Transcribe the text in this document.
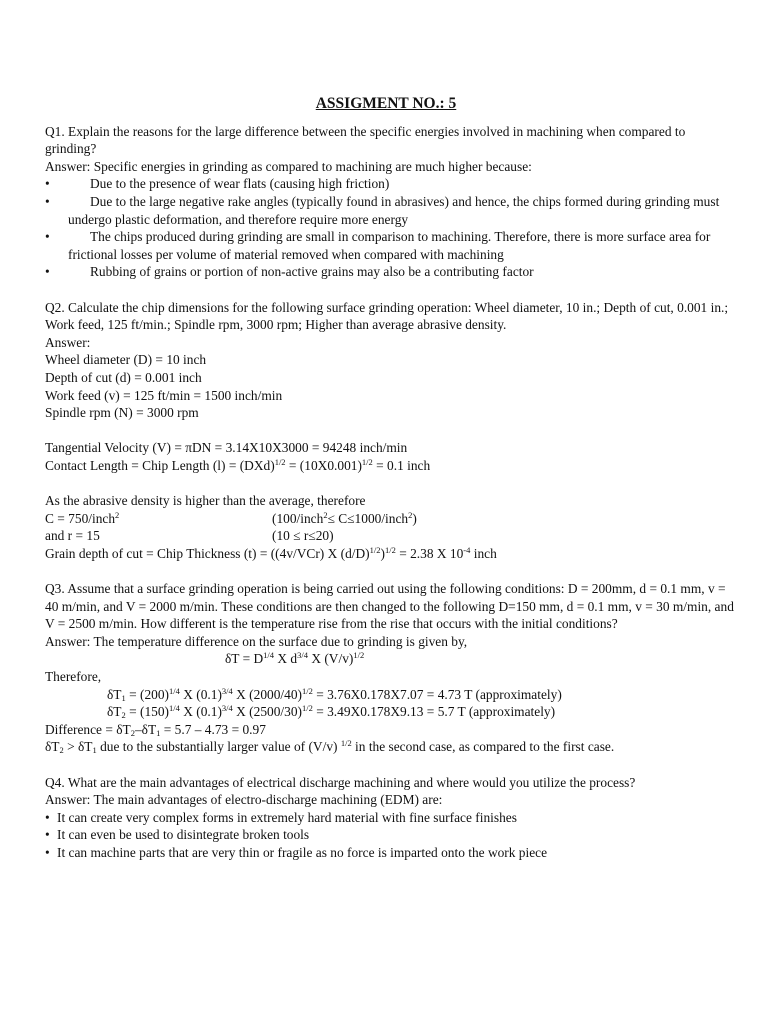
ASSIGMENT NO.: 5

Q1. Explain the reasons for the large difference between the specific energies involved in machining when compared to grinding?

Answer: Specific energies in grinding as compared to machining are much higher because:

•	Due to the presence of wear flats (causing high friction)
•	Due to the large negative rake angles (typically found in abrasives) and hence, the chips formed during grinding must undergo plastic deformation, and therefore require more energy
•	The chips produced during grinding are small in comparison to machining. Therefore, there is more surface area for frictional losses per volume of material removed when compared with machining
•	Rubbing of grains or portion of non-active grains may also be a contributing factor

Q2. Calculate the chip dimensions for the following surface grinding operation: Wheel diameter, 10 in.; Depth of cut, 0.001 in.; Work feed, 125 ft/min.; Spindle rpm, 3000 rpm; Higher than average abrasive density.

Answer:

Wheel diameter (D) = 10 inch

Depth of cut (d) = 0.001 inch

Work feed (v) = 125 ft/min = 1500 inch/min

Spindle rpm (N) = 3000 rpm

Tangential Velocity (V) = πDN = 3.14X10X3000 = 94248 inch/min

Contact Length = Chip Length $(l) = (DXd)^{1/2} = (10X0.001)^{1/2} = 0.1$ inch

As the abrasive density is higher than the average, therefore

C = 750/inch$^2$	(100/inch$^2$≤ C≤1000/inch$^2$)
and r = 15	(10 ≤ r≤20)

Grain depth of cut = Chip Thickness (t) = ((4v/VCr) X $(d/D)^{1/2})^{1/2} = 2.38$ X $10^{-4}$ inch

Q3. Assume that a surface grinding operation is being carried out using the following conditions: D = 200mm, d = 0.1 mm, v = 40 m/min, and V = 2000 m/min. These conditions are then changed to the following D=150 mm, d = 0.1 mm, v = 30 m/min, and V = 2500 m/min. How different is the temperature rise from the rise that occurs with the initial conditions?

Answer: The temperature difference on the surface due to grinding is given by,

$\delta T = D^{1/4}$ X $d^{3/4}$ X $(V/v)^{1/2}$

Therefore,

$\delta T_1 = (200)^{1/4}$ X $(0.1)^{3/4}$ X $(2000/40)^{1/2} = 3.76X0.178X7.07 = 4.73$ T (approximately)

$\delta T_2 = (150)^{1/4}$ X $(0.1)^{3/4}$ X $(2500/30)^{1/2} = 3.49X0.178X9.13 = 5.7$ T (approximately)

Difference = $\delta T_2-\delta T_1 = 5.7 - 4.73 = 0.97$

$\delta T_2 > \delta T_1$ due to the substantially larger value of (V/v) $^{1/2}$ in the second case, as compared to the first case.

Q4. What are the main advantages of electrical discharge machining and where would you utilize the process?

Answer: The main advantages of electro-discharge machining (EDM) are:

• It can create very complex forms in extremely hard material with fine surface finishes
• It can even be used to disintegrate broken tools
• It can machine parts that are very thin or fragile as no force is imparted onto the work piece
